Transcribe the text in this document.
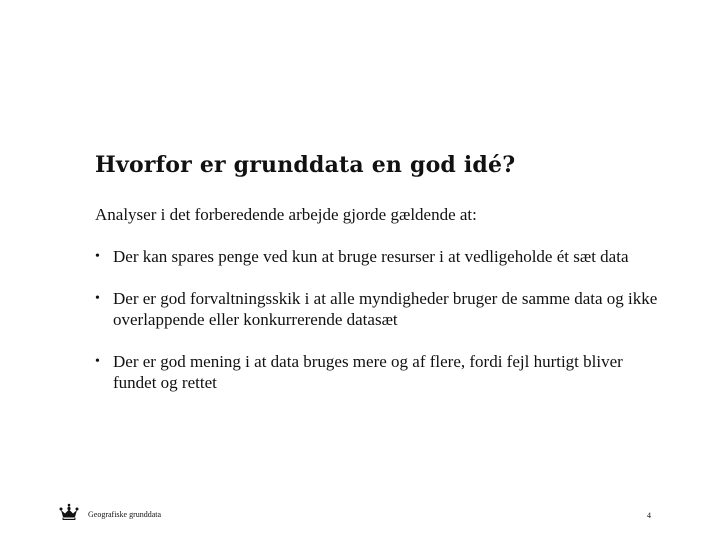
Hvorfor er grunddata en god idé?

Analyser i det forberedende arbejde gjorde gældende at:

• Der kan spares penge ved kun at bruge resurser i at vedligeholde ét sæt data
• Der er god forvaltningsskik i at alle myndigheder bruger de samme data og ikke overlappende eller konkurrerende datasæt
• Der er god mening i at data bruges mere og af flere, fordi fejl hurtigt bliver fundet og rettet
Geografiske grunddata	4
